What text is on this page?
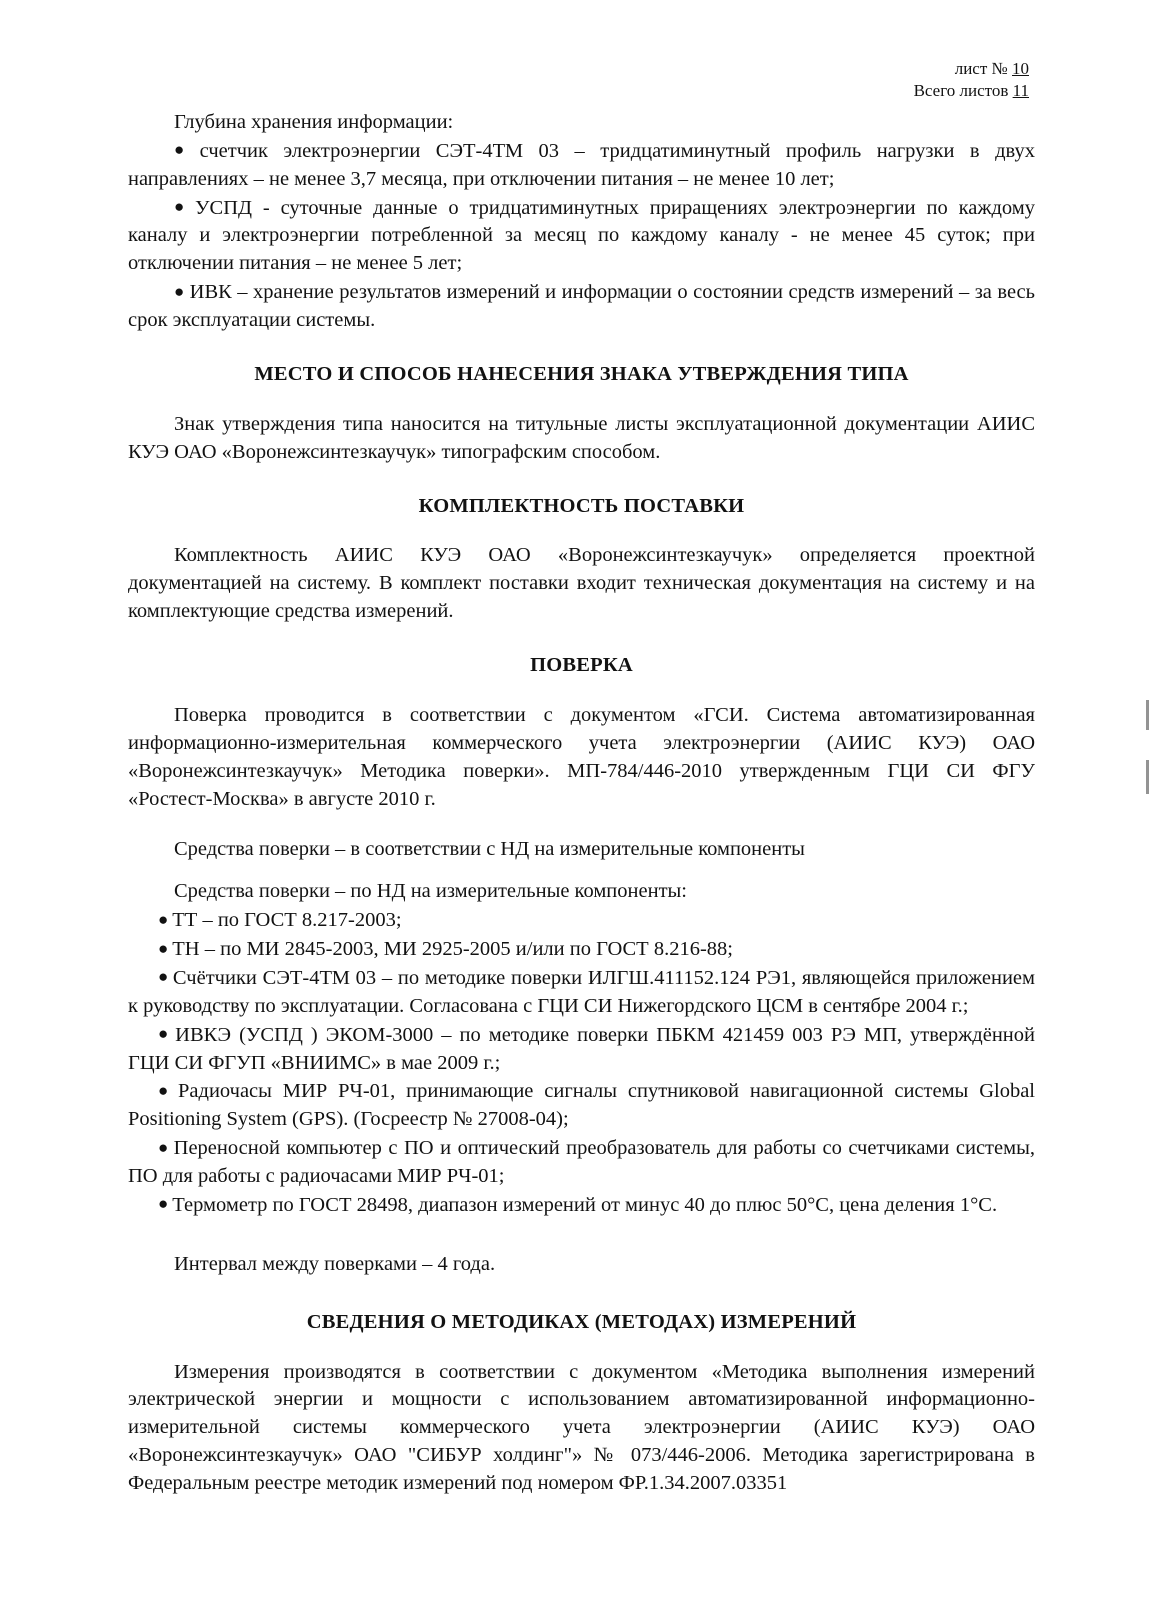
лист № 10
Всего листов 11

Глубина хранения информации:

● счетчик электроэнергии СЭТ-4ТМ 03 – тридцатиминутный профиль нагрузки в двух направлениях – не менее 3,7 месяца, при отключении питания – не менее 10 лет;

● УСПД - суточные данные о тридцатиминутных приращениях электроэнергии по каждому каналу и электроэнергии потребленной за месяц по каждому каналу - не менее 45 суток; при отключении питания – не менее 5 лет;

● ИВК – хранение результатов измерений и информации о состоянии средств измерений – за весь срок эксплуатации системы.

МЕСТО И СПОСОБ НАНЕСЕНИЯ ЗНАКА УТВЕРЖДЕНИЯ ТИПА

Знак утверждения типа наносится на титульные листы эксплуатационной документации АИИС КУЭ ОАО «Воронежсинтезкаучук» типографским способом.

КОМПЛЕКТНОСТЬ ПОСТАВКИ

Комплектность АИИС КУЭ ОАО «Воронежсинтезкаучук» определяется проектной документацией на систему. В комплект поставки входит техническая документация на систему и на комплектующие средства измерений.

ПОВЕРКА

Поверка проводится в соответствии с документом «ГСИ. Система автоматизированная информационно-измерительная коммерческого учета электроэнергии (АИИС КУЭ) ОАО «Воронежсинтезкаучук» Методика поверки». МП-784/446-2010 утвержденным ГЦИ СИ ФГУ «Ростест-Москва» в августе 2010 г.

Средства поверки – в соответствии с НД на измерительные компоненты

Средства поверки – по НД на измерительные компоненты:

● ТТ – по ГОСТ 8.217-2003;

● ТН – по МИ 2845-2003, МИ 2925-2005 и/или по ГОСТ 8.216-88;

● Счётчики СЭТ-4ТМ 03 – по методике поверки ИЛГШ.411152.124 РЭ1, являющейся приложением к руководству по эксплуатации. Согласована с ГЦИ СИ Нижегордского ЦСМ в сентябре 2004 г.;

● ИВКЭ (УСПД ) ЭКОМ-3000 – по методике поверки ПБКМ 421459 003 РЭ МП, утверждённой ГЦИ СИ ФГУП «ВНИИМС» в мае 2009 г.;

● Радиочасы МИР РЧ-01, принимающие сигналы спутниковой навигационной системы Global Positioning System (GPS). (Госреестр № 27008-04);

● Переносной компьютер с ПО и оптический преобразователь для работы со счетчиками системы, ПО для работы с радиочасами МИР РЧ-01;

● Термометр по ГОСТ 28498, диапазон измерений от минус 40 до плюс 50°С, цена деления 1°С.

Интервал между поверками – 4 года.

СВЕДЕНИЯ О МЕТОДИКАХ (МЕТОДАХ) ИЗМЕРЕНИЙ

Измерения производятся в соответствии с документом «Методика выполнения измерений электрической энергии и мощности с использованием автоматизированной информационно-измерительной системы коммерческого учета электроэнергии (АИИС КУЭ) ОАО «Воронежсинтезкаучук» ОАО "СИБУР холдинг"» № 073/446-2006. Методика зарегистрирована в Федеральным реестре методик измерений под номером ФР.1.34.2007.03351
